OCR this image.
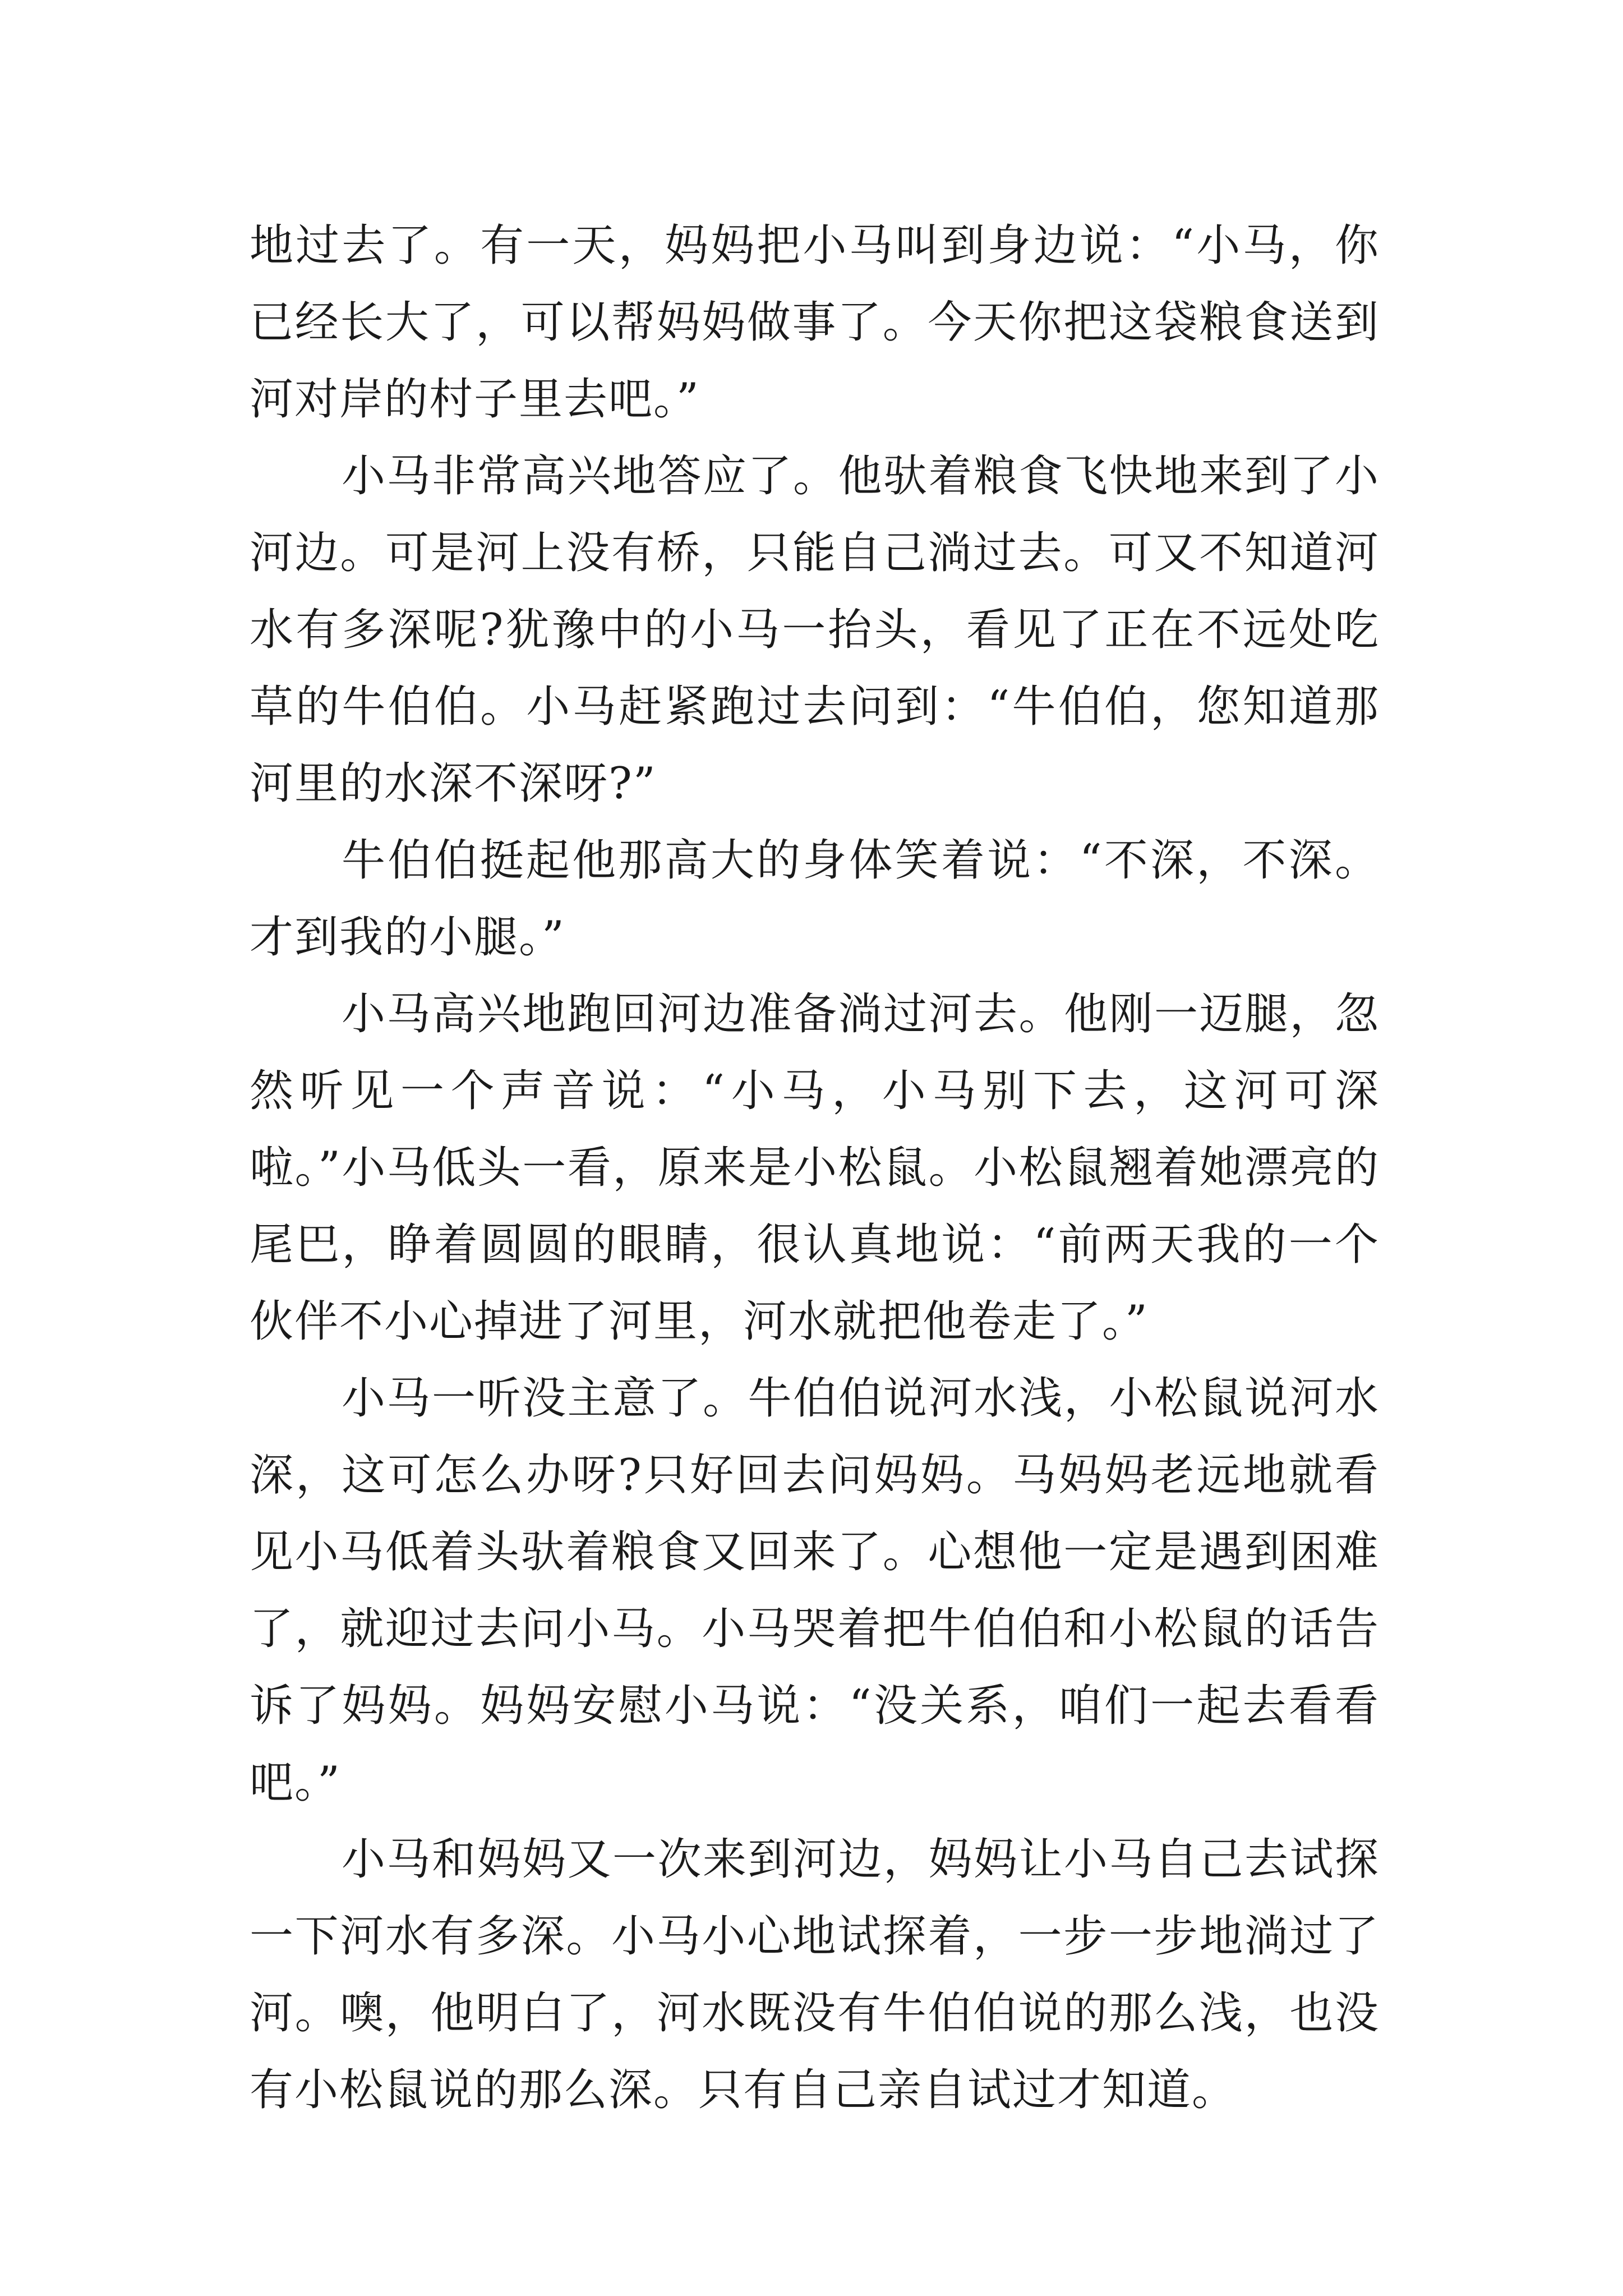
地过去了。有一天，妈妈把小马叫到身边说：“小马，你已经长大了，可以帮妈妈做事了。今天你把这袋粮食送到河对岸的村子里去吧。”

小马非常高兴地答应了。他驮着粮食飞快地来到了小河边。可是河上没有桥，只能自己淌过去。可又不知道河水有多深呢?犹豫中的小马一抬头，看见了正在不远处吃草的牛伯伯。小马赶紧跑过去问到：“牛伯伯，您知道那河里的水深不深呀?”

牛伯伯挺起他那高大的身体笑着说：“不深，不深。才到我的小腿。”

小马高兴地跑回河边准备淌过河去。他刚一迈腿，忽然听见一个声音说：“小马，小马别下去，这河可深啦。”小马低头一看，原来是小松鼠。小松鼠翘着她漂亮的尾巴，睁着圆圆的眼睛，很认真地说：“前两天我的一个伙伴不小心掉进了河里，河水就把他卷走了。”

小马一听没主意了。牛伯伯说河水浅，小松鼠说河水深，这可怎么办呀?只好回去问妈妈。马妈妈老远地就看见小马低着头驮着粮食又回来了。心想他一定是遇到困难了，就迎过去问小马。小马哭着把牛伯伯和小松鼠的话告诉了妈妈。妈妈安慰小马说：“没关系，咱们一起去看看吧。”

小马和妈妈又一次来到河边，妈妈让小马自己去试探一下河水有多深。小马小心地试探着，一步一步地淌过了河。噢，他明白了，河水既没有牛伯伯说的那么浅，也没有小松鼠说的那么深。只有自己亲自试过才知道。
